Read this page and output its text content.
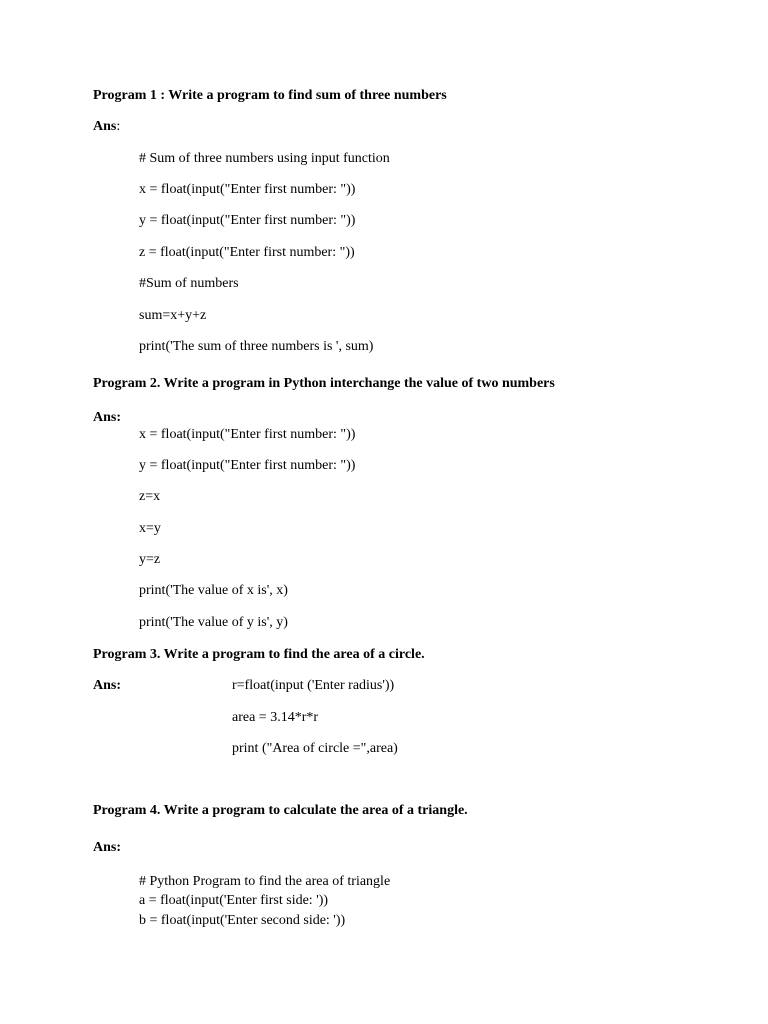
Program 1 : Write a program to find sum of three numbers
Ans:
# Sum of three numbers using input function
x = float(input("Enter first number: "))
y = float(input("Enter first number: "))
z = float(input("Enter first number: "))
#Sum of numbers
sum=x+y+z
print('The sum of three numbers is ', sum)
Program 2. Write a program in Python interchange the value of two numbers
Ans:
x = float(input("Enter first number: "))
y = float(input("Enter first number: "))
z=x
x=y
y=z
print('The value of x is', x)
print('The value of y is', y)
Program 3. Write a program to find the area of a circle.
Ans:	r=float(input ('Enter radius'))
area = 3.14*r*r
print ("Area of circle =",area)
Program 4. Write a program to calculate the area of a triangle.
Ans:
# Python Program to find the area of triangle
a = float(input('Enter first side: '))
b = float(input('Enter second side: '))
